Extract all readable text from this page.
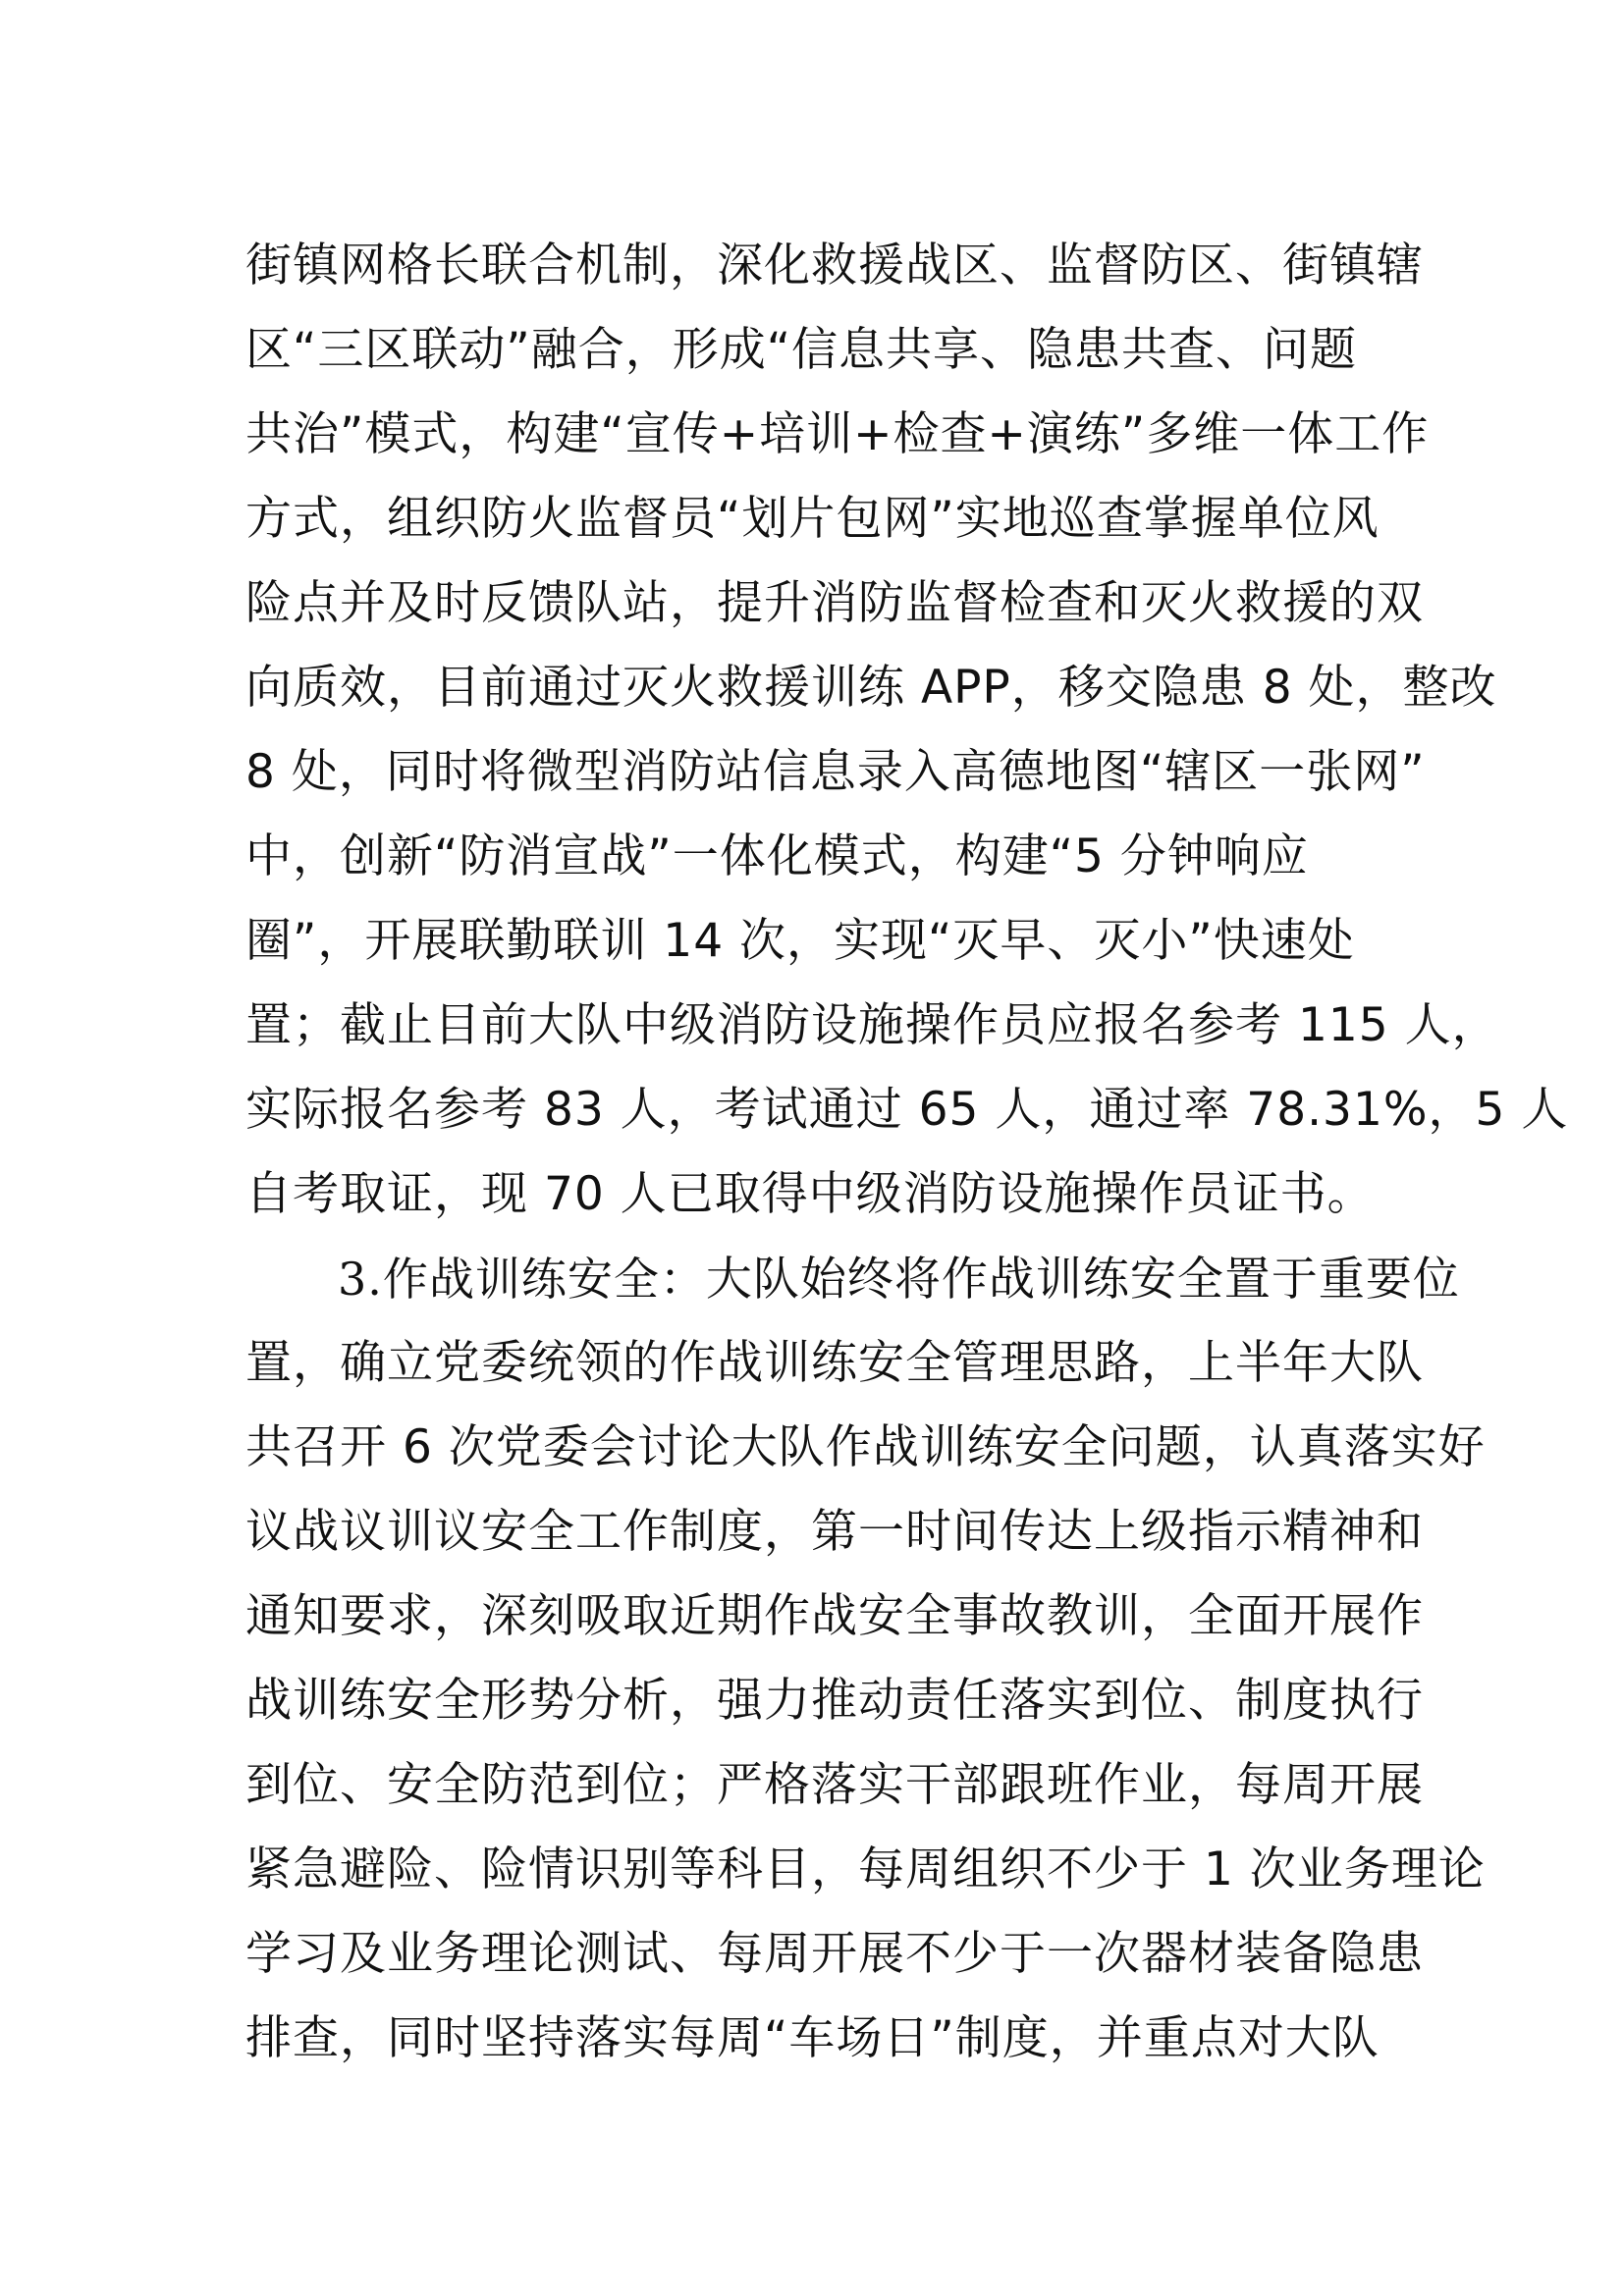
街镇网格长联合机制，深化救援战区、监督防区、街镇辖
区“三区联动”融合，形成“信息共享、隐患共查、问题
共治”模式，构建“宣传+培训+检查+演练”多维一体工作
方式，组织防火监督员“划片包网”实地巡查掌握单位风
险点并及时反馈队站，提升消防监督检查和灭火救援的双
向质效，目前通过灭火救援训练 APP，移交隐患 8 处，整改
8 处，同时将微型消防站信息录入高德地图“辖区一张网”
中，创新“防消宣战”一体化模式，构建“5 分钟响应
圈”，开展联勤联训 14 次，实现“灭早、灭小”快速处
置；截止目前大队中级消防设施操作员应报名参考 115 人，
实际报名参考 83 人，考试通过 65 人，通过率 78.31%，5 人
自考取证，现 70 人已取得中级消防设施操作员证书。
3.作战训练安全：大队始终将作战训练安全置于重要位
置，确立党委统领的作战训练安全管理思路，上半年大队
共召开 6 次党委会讨论大队作战训练安全问题，认真落实好
议战议训议安全工作制度，第一时间传达上级指示精神和
通知要求，深刻吸取近期作战安全事故教训，全面开展作
战训练安全形势分析，强力推动责任落实到位、制度执行
到位、安全防范到位；严格落实干部跟班作业，每周开展
紧急避险、险情识别等科目，每周组织不少于 1 次业务理论
学习及业务理论测试、每周开展不少于一次器材装备隐患
排查，同时坚持落实每周“车场日”制度，并重点对大队
